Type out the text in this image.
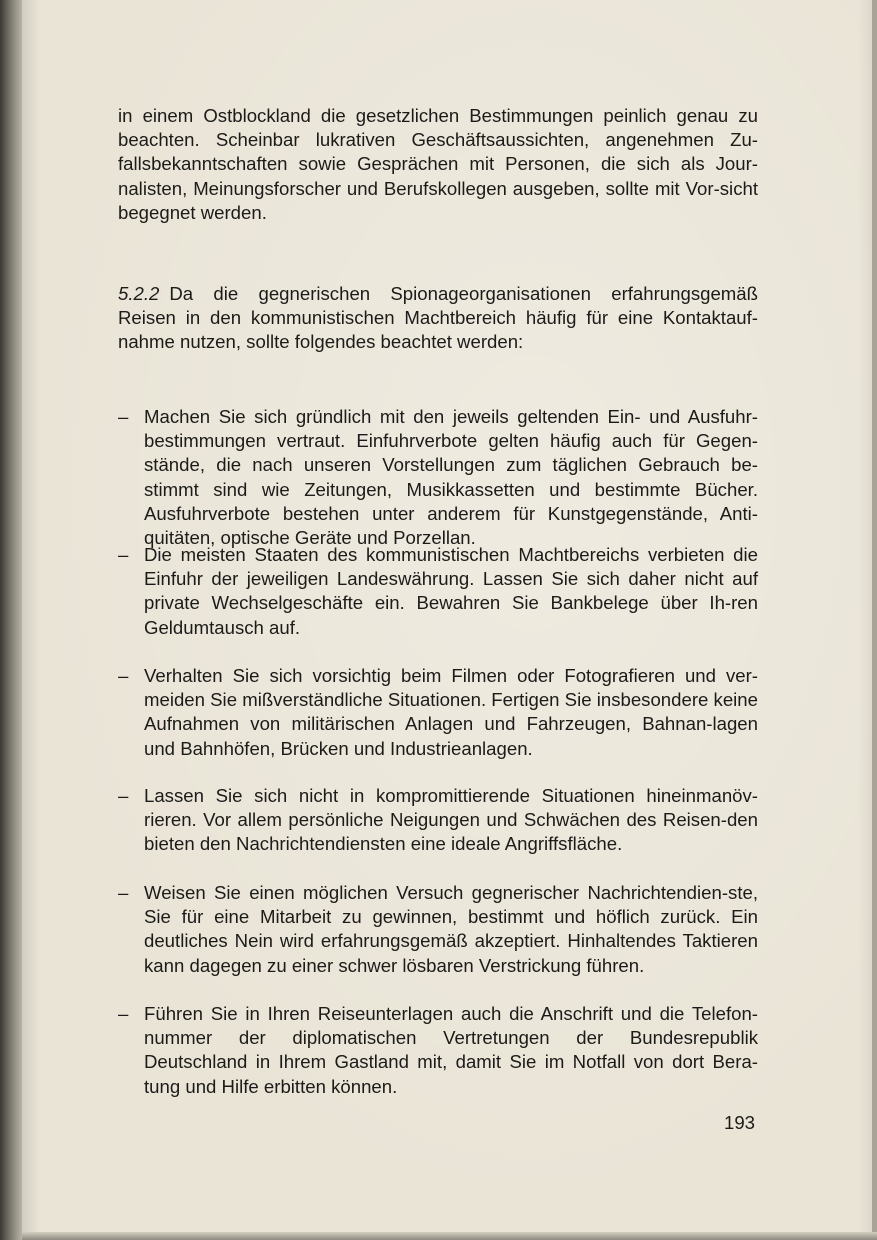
in einem Ostblockland die gesetzlichen Bestimmungen peinlich genau zu beachten. Scheinbar lukrativen Geschäftsaussichten, angenehmen Zu-fallsbekanntschaften sowie Gesprächen mit Personen, die sich als Jour-nalisten, Meinungsforscher und Berufskollegen ausgeben, sollte mit Vor-sicht begegnet werden.

5.2.2 Da die gegnerischen Spionageorganisationen erfahrungsgemäß Reisen in den kommunistischen Machtbereich häufig für eine Kontaktauf-nahme nutzen, sollte folgendes beachtet werden:

– Machen Sie sich gründlich mit den jeweils geltenden Ein- und Ausfuhr-bestimmungen vertraut. Einfuhrverbote gelten häufig auch für Gegen-stände, die nach unseren Vorstellungen zum täglichen Gebrauch be-stimmt sind wie Zeitungen, Musikkassetten und bestimmte Bücher. Ausfuhrverbote bestehen unter anderem für Kunstgegenstände, Anti-quitäten, optische Geräte und Porzellan.
– Die meisten Staaten des kommunistischen Machtbereichs verbieten die Einfuhr der jeweiligen Landeswährung. Lassen Sie sich daher nicht auf private Wechselgeschäfte ein. Bewahren Sie Bankbelege über Ih-ren Geldumtausch auf.
– Verhalten Sie sich vorsichtig beim Filmen oder Fotografieren und ver-meiden Sie mißverständliche Situationen. Fertigen Sie insbesondere keine Aufnahmen von militärischen Anlagen und Fahrzeugen, Bahnan-lagen und Bahnhöfen, Brücken und Industrieanlagen.
– Lassen Sie sich nicht in kompromittierende Situationen hineinmanöv-rieren. Vor allem persönliche Neigungen und Schwächen des Reisen-den bieten den Nachrichtendiensten eine ideale Angriffsfläche.
– Weisen Sie einen möglichen Versuch gegnerischer Nachrichtendien-ste, Sie für eine Mitarbeit zu gewinnen, bestimmt und höflich zurück. Ein deutliches Nein wird erfahrungsgemäß akzeptiert. Hinhaltendes Taktieren kann dagegen zu einer schwer lösbaren Verstrickung führen.
– Führen Sie in Ihren Reiseunterlagen auch die Anschrift und die Telefon-nummer der diplomatischen Vertretungen der Bundesrepublik Deutschland in Ihrem Gastland mit, damit Sie im Notfall von dort Bera-tung und Hilfe erbitten können.
193
